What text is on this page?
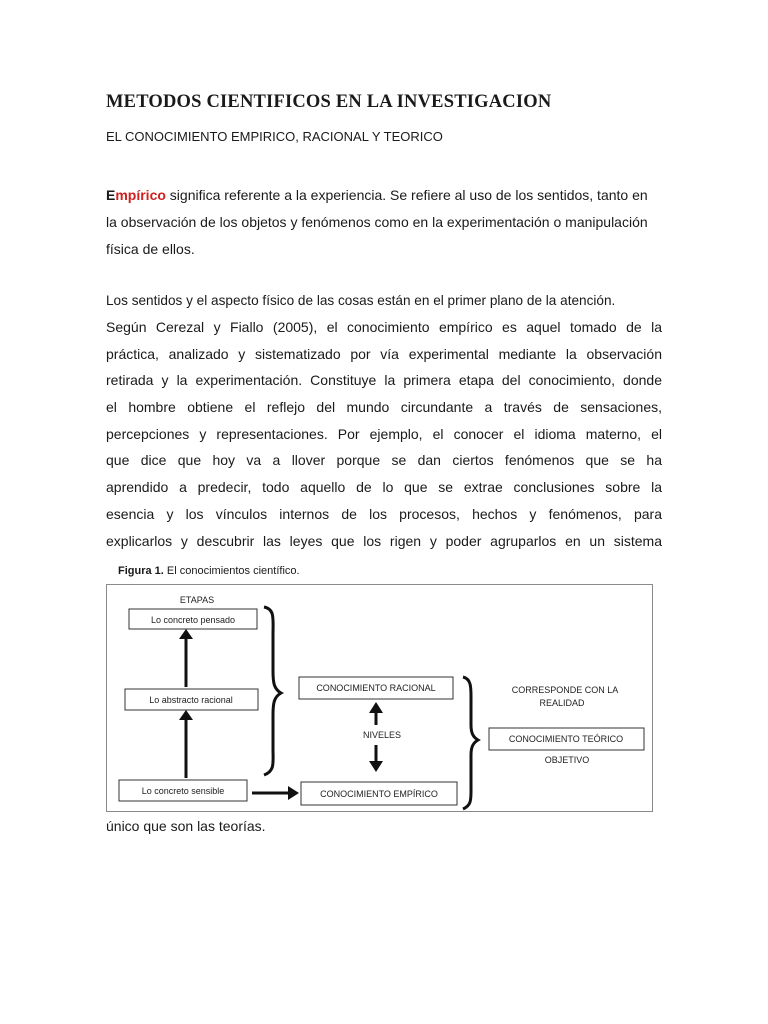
METODOS CIENTIFICOS EN LA INVESTIGACION
EL CONOCIMIENTO EMPIRICO, RACIONAL Y TEORICO
Empírico significa referente a la experiencia. Se refiere al uso de los sentidos, tanto en la observación de los objetos y fenómenos como en la experimentación o manipulación física de ellos.
Los sentidos y el aspecto físico de las cosas están en el primer plano de la atención.
Según Cerezal y Fiallo (2005), el conocimiento empírico es aquel tomado de la
práctica, analizado y sistematizado por vía experimental mediante la observación
retirada y la experimentación. Constituye la primera etapa del conocimiento, donde
el hombre obtiene el reflejo del mundo circundante a través de sensaciones,
percepciones y representaciones. Por ejemplo, el conocer el idioma materno, el
que dice que hoy va a llover porque se dan ciertos fenómenos que se ha
aprendido a predecir, todo aquello de lo que se extrae conclusiones sobre la
esencia y los vínculos internos de los procesos, hechos y fenómenos, para
explicarlos y descubrir las leyes que los rigen y poder agruparlos en un sistema
Figura 1. El conocimientos científico.
ETAPAS
Lo concreto pensado
Lo abstracto racional
Lo concreto sensible
CONOCIMIENTO RACIONAL
NIVELES
CONOCIMIENTO EMPÍRICO
CORRESPONDE CON LA
REALIDAD
CONOCIMIENTO TEÓRICO
OBJETIVO
único que son las teorías.
